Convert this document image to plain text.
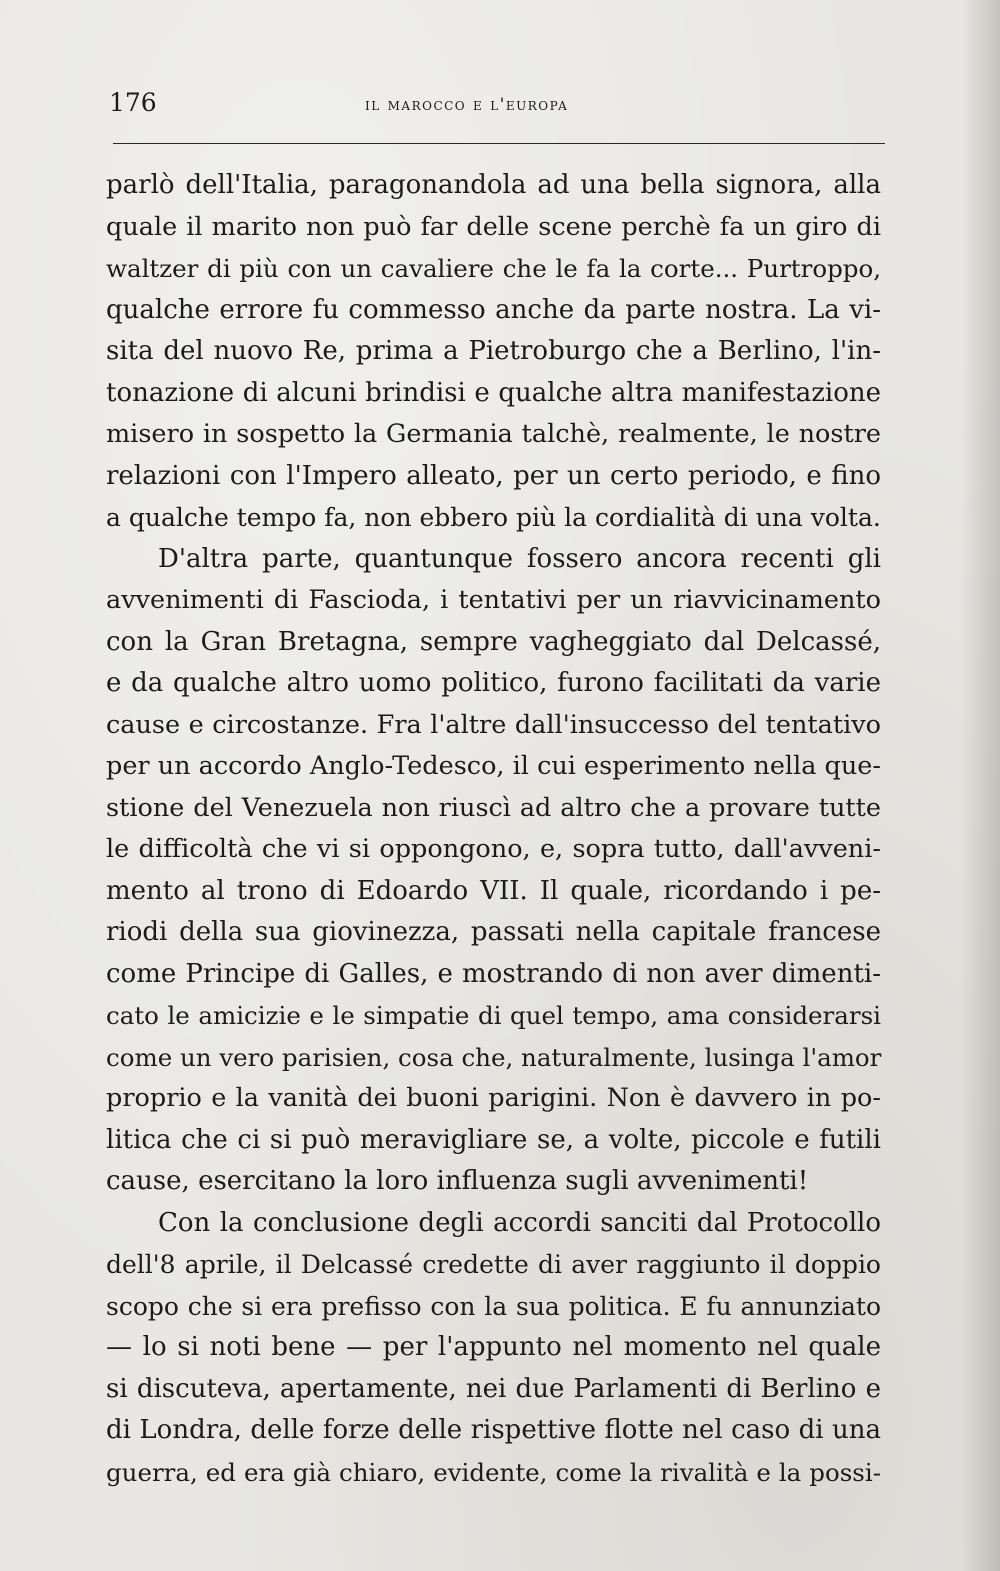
176	il marocco e l'europa
parlò dell'Italia, paragonandola ad una bella signora, alla
quale il marito non può far delle scene perchè fa un giro di
waltzer di più con un cavaliere che le fa la corte... Purtroppo,
qualche errore fu commesso anche da parte nostra. La vi-
sita del nuovo Re, prima a Pietroburgo che a Berlino, l'in-
tonazione di alcuni brindisi e qualche altra manifestazione
misero in sospetto la Germania talchè, realmente, le nostre
relazioni con l'Impero alleato, per un certo periodo, e fino
a qualche tempo fa, non ebbero più la cordialità di una volta.
D'altra parte, quantunque fossero ancora recenti gli
avvenimenti di Fascioda, i tentativi per un riavvicinamento
con la Gran Bretagna, sempre vagheggiato dal Delcassé,
e da qualche altro uomo politico, furono facilitati da varie
cause e circostanze. Fra l'altre dall'insuccesso del tentativo
per un accordo Anglo-Tedesco, il cui esperimento nella que-
stione del Venezuela non riuscì ad altro che a provare tutte
le difficoltà che vi si oppongono, e, sopra tutto, dall'avveni-
mento al trono di Edoardo VII. Il quale, ricordando i pe-
riodi della sua giovinezza, passati nella capitale francese
come Principe di Galles, e mostrando di non aver dimenti-
cato le amicizie e le simpatie di quel tempo, ama considerarsi
come un vero parisien, cosa che, naturalmente, lusinga l'amor
proprio e la vanità dei buoni parigini. Non è davvero in po-
litica che ci si può meravigliare se, a volte, piccole e futili
cause, esercitano la loro influenza sugli avvenimenti!
Con la conclusione degli accordi sanciti dal Protocollo
dell'8 aprile, il Delcassé credette di aver raggiunto il doppio
scopo che si era prefisso con la sua politica. E fu annunziato
— lo si noti bene — per l'appunto nel momento nel quale
si discuteva, apertamente, nei due Parlamenti di Berlino e
di Londra, delle forze delle rispettive flotte nel caso di una
guerra, ed era già chiaro, evidente, come la rivalità e la possi-
